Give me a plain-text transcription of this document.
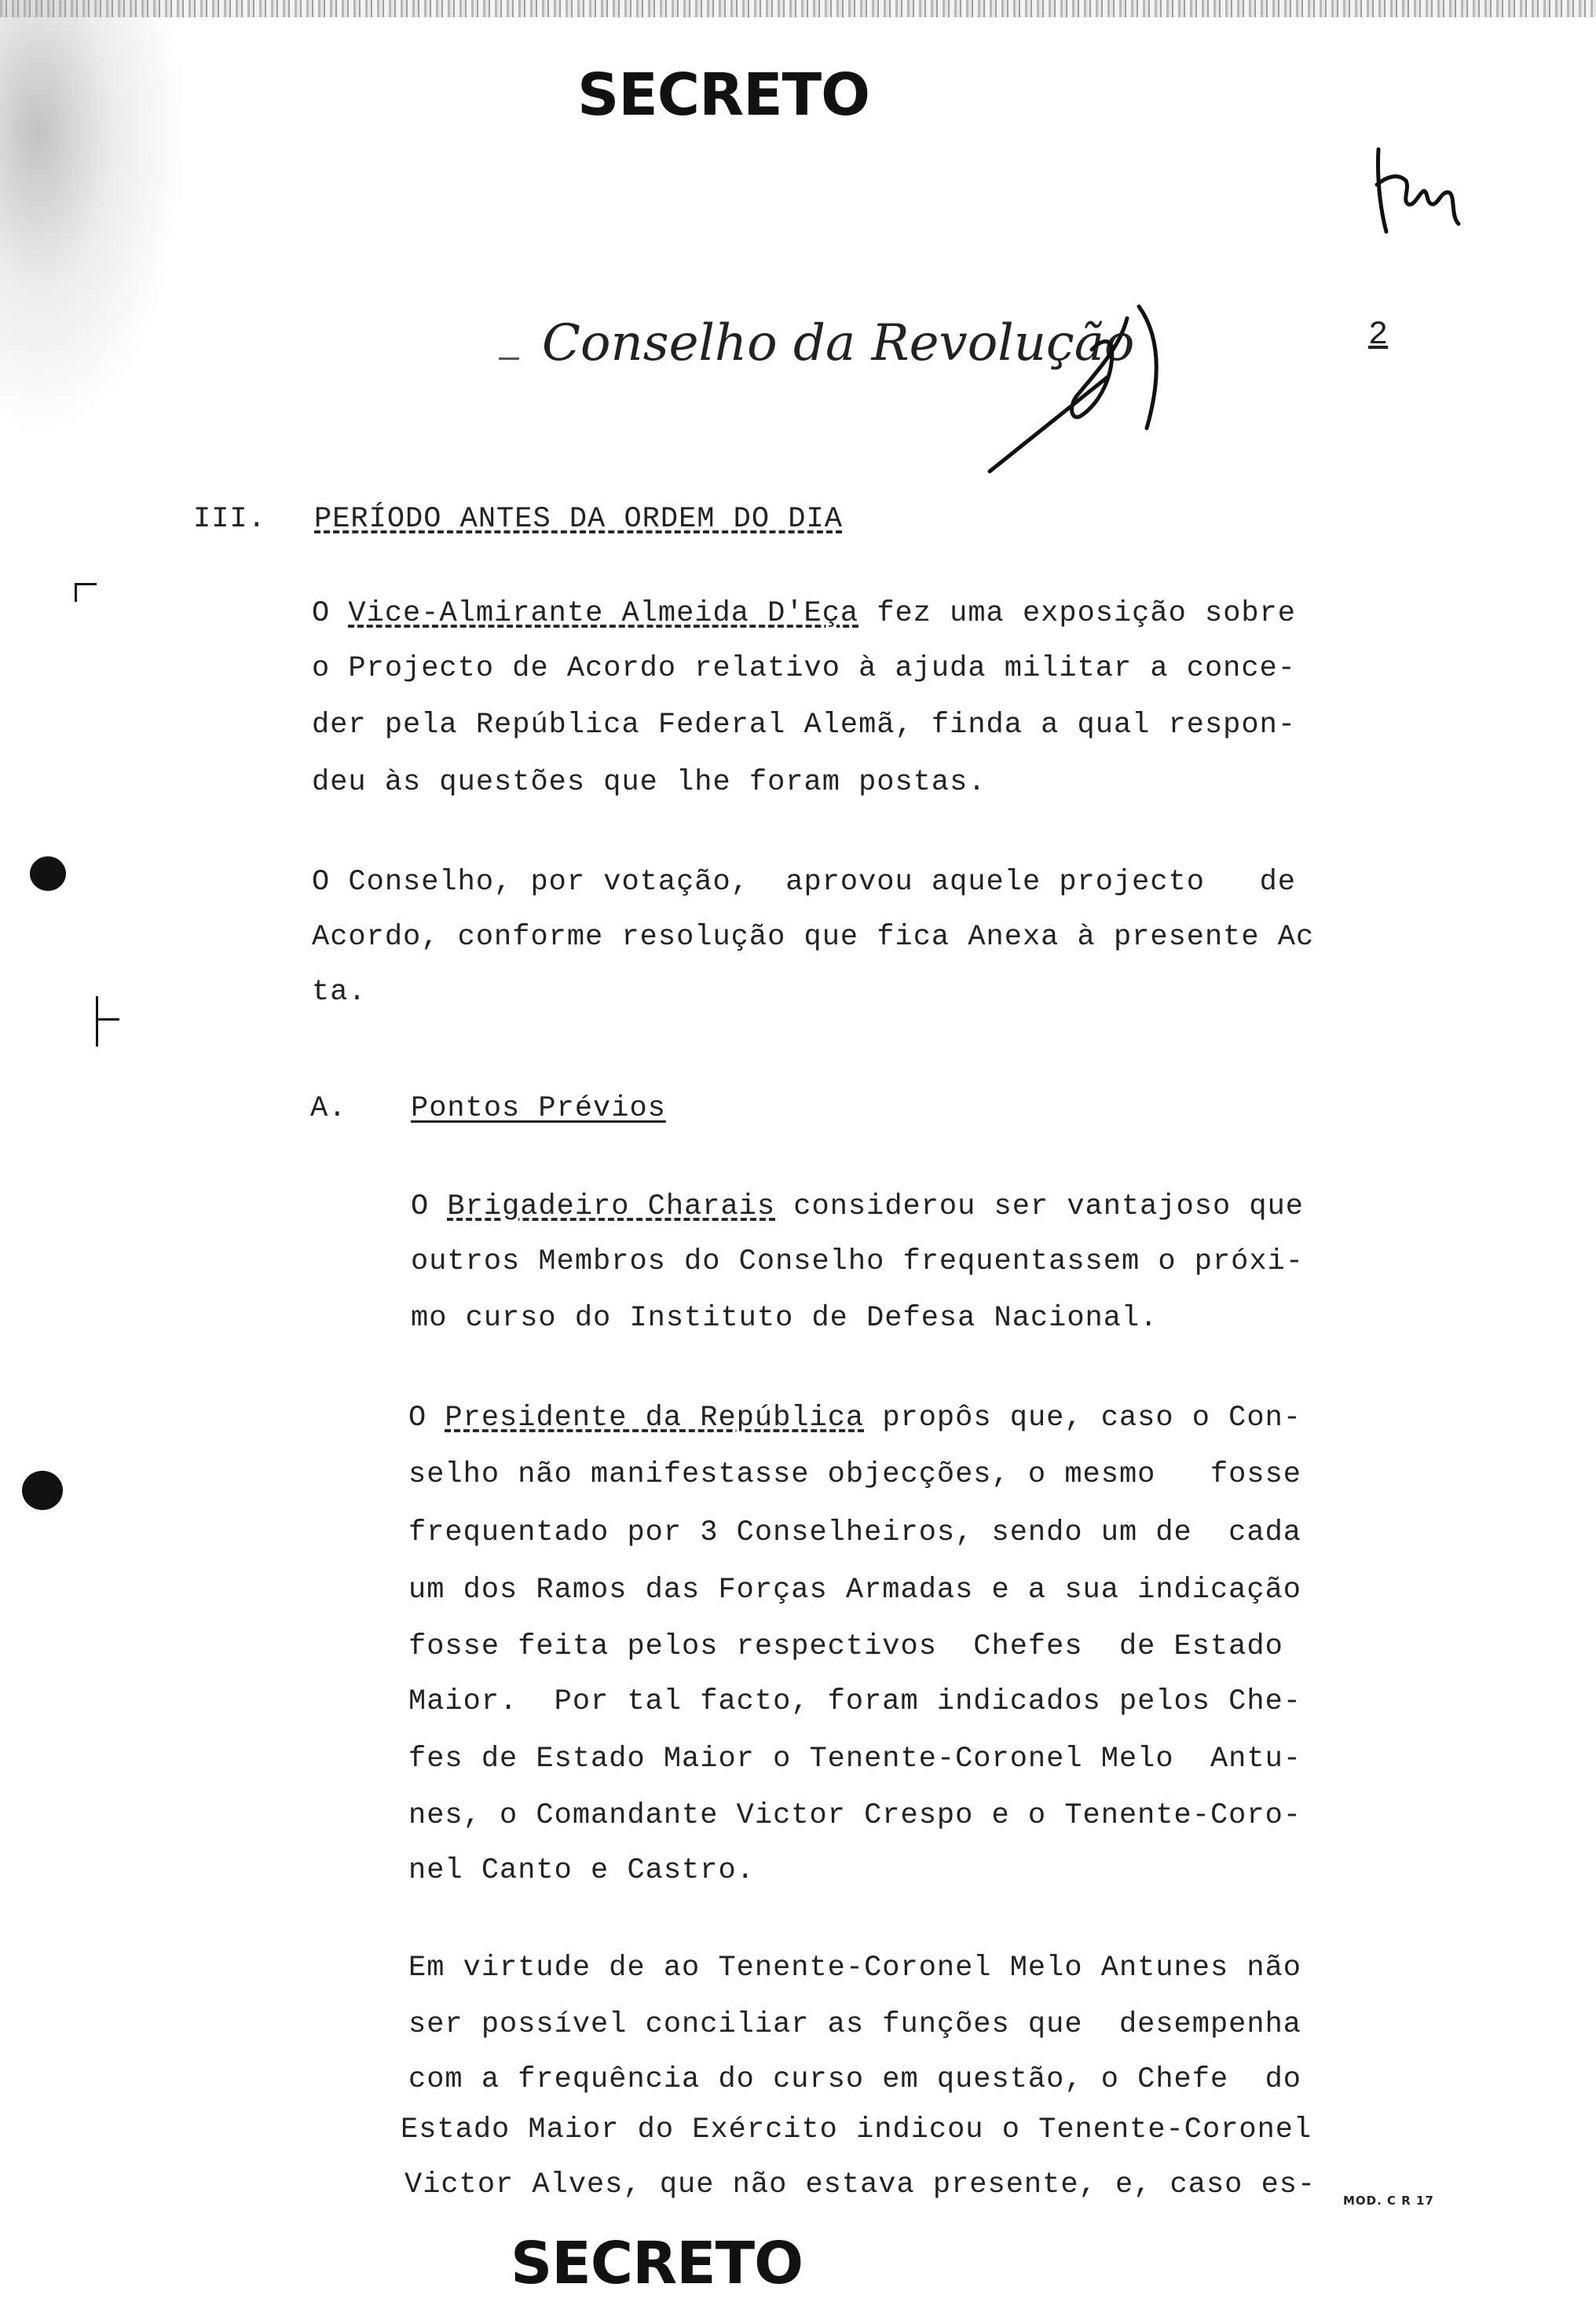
SECRETO
Conselho da Revolução	2
III. PERÍODO ANTES DA ORDEM DO DIA
O Vice-Almirante Almeida D'Eça fez uma exposição sobre
o Projecto de Acordo relativo à ajuda militar a conce-
der pela República Federal Alemã, finda a qual respon-
deu às questões que lhe foram postas.
O Conselho, por votação,  aprovou aquele projecto   de
Acordo, conforme resolução que fica Anexa à presente Ac
ta.
A. Pontos Prévios
O Brigadeiro Charais considerou ser vantajoso que
outros Membros do Conselho frequentassem o próxi-
mo curso do Instituto de Defesa Nacional.
O Presidente da República propôs que, caso o Con-
selho não manifestasse objecções, o mesmo   fosse
frequentado por 3 Conselheiros, sendo um de  cada
um dos Ramos das Forças Armadas e a sua indicação
fosse feita pelos respectivos  Chefes  de Estado
Maior.  Por tal facto, foram indicados pelos Che-
fes de Estado Maior o Tenente-Coronel Melo  Antu-
nes, o Comandante Victor Crespo e o Tenente-Coro-
nel Canto e Castro.
Em virtude de ao Tenente-Coronel Melo Antunes não
ser possível conciliar as funções que  desempenha
com a frequência do curso em questão, o Chefe  do
Estado Maior do Exército indicou o Tenente-Coronel
Victor Alves, que não estava presente, e, caso es- MOD. C R 17
SECRETO
